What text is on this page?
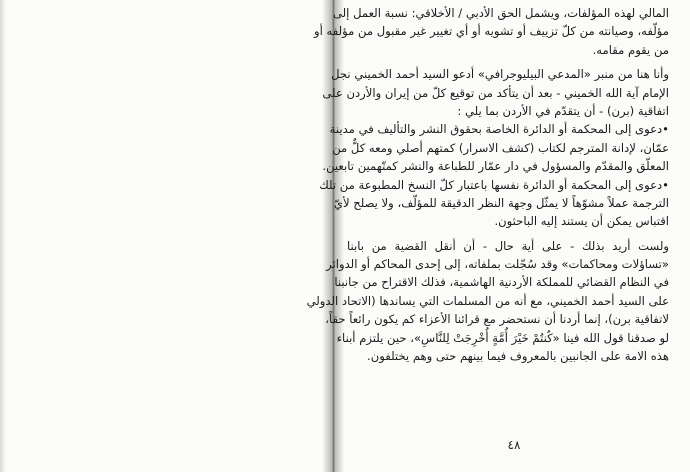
المالي لهذه المؤلفات، ويشمل الحق الأدبي / الأخلاقي: نسبة العمل إلى
مؤلّفه، وصيانته من كلّ تزييف أو تشويه أو أي تغيير غير مقبول من مؤلفه أو
من يقوم مقامه.
وأنا هنا من منبر «المدعي البيليوجرافي» أدعو السيد أحمد الخميني نجل
الإمام آية الله الخميني - بعد أن يتأكد من توقيع كلّ من إيران والأردن على
اتفاقية (برن) - أن يتقدّم في الأردن بما يلي :
•دعوى إلى المحكمة أو الدائرة الخاصة بحقوق النشر والتأليف في مدينة
عمّان، لإدانة المترجم لكتاب (كشف الاسرار) كمتهم أصلي ومعه كلٌّ من
المعلّق والمقدّم والمسؤول في دار عمّار للطباعة والنشر كمتّهمين تابعين.
•دعوى إلى المحكمة أو الدائرة نفسها باعتبار كلّ النسخ المطبوعة من تلك
الترجمة عملاً مشوّهاً لا يمثّل وجهة النظر الدقيقة للمؤلّف، ولا يصلح لأيّ
اقتباس يمكن أن يستند إليه الباحثون.
ولست أريد بذلك - على أية حال - أن أنقل القضية من بابنا
«تساؤلات ومحاكمات» وقد سُجّلت بملفاته، إلى إحدى المحاكم أو الدوائر
في النظام القضائي للمملكة الأردنية الهاشمية، فذلك الاقتراح من جانبنا
على السيد أحمد الخميني، مع أنه من المسلمات التي يساندها (الاتحاد الدولي
لاتفاقية برن)، إنما أردنا أن نستحضر مع قرائنا الأعزاء كم يكون رائعاً حقاً،
لو صدقنا قول الله فينا «كُنتُمْ خَيْرَ أُمَّةٍ أُخْرِجَتْ لِلنَّاسِ»، حين يلتزم أبناء
هذه الامة على الجانبين بالمعروف فيما بينهم حتى وهم يختلفون.
٤٨
